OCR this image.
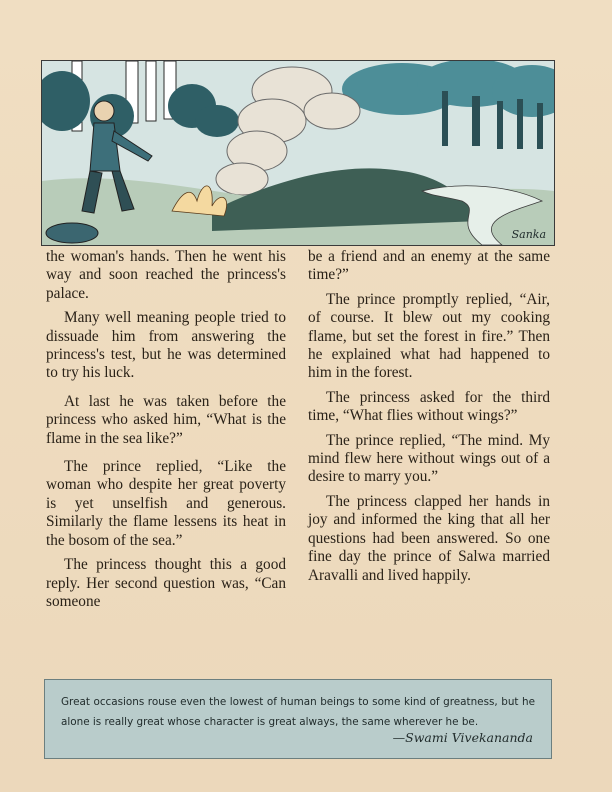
Sanka

the woman's hands. Then he went his way and soon reached the princess's palace.

Many well meaning people tried to dissuade him from answering the princess's test, but he was determined to try his luck.

At last he was taken before the princess who asked him, “What is the flame in the sea like?”

The prince replied, “Like the woman who despite her great poverty is yet unselfish and generous. Similarly the flame lessens its heat in the bosom of the sea.”

The princess thought this a good reply. Her second question was, “Can someone

be a friend and an enemy at the same time?”

The prince promptly replied, “Air, of course. It blew out my cooking flame, but set the forest in fire.” Then he explained what had happened to him in the forest.

The princess asked for the third time, “What flies without wings?”

The prince replied, “The mind. My mind flew here without wings out of a desire to marry you.”

The princess clapped her hands in joy and informed the king that all her questions had been answered. So one fine day the prince of Salwa married Aravalli and lived happily.

Great occasions rouse even the lowest of human beings to some kind of greatness, but he alone is really great whose character is great always, the same wherever he be.
—Swami Vivekananda
